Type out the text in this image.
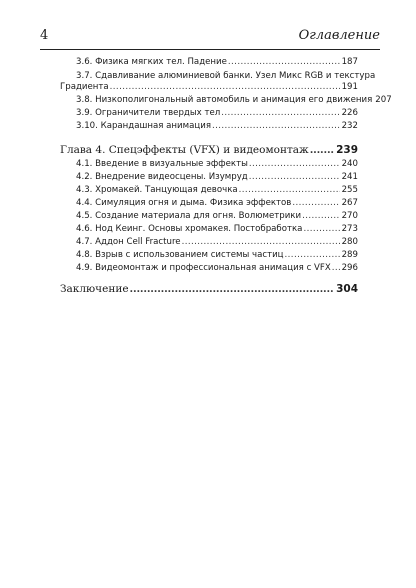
4	Оглавление
3.6. Физика мягких тел. Падение .....	187
3.7. Сдавливание алюминиевой банки. Узел Микс RGB и текстура
Градиента .....	191
3.8. Низкополигональный автомобиль и анимация его движения 207
3.9. Ограничители твердых тел .....	226
3.10. Карандашная анимация .....	232
Глава 4. Спецэффекты (VFX) и видеомонтаж .....	239
4.1. Введение в визуальные эффекты .....	240
4.2. Внедрение видеосцены. Изумруд .....	241
4.3. Хромакей. Танцующая девочка .....	255
4.4. Симуляция огня и дыма. Физика эффектов .....	267
4.5. Создание материала для огня. Волюметрики .....	270
4.6. Нод Кеинг. Основы хромакея. Постобработка .....	273
4.7. Аддон Cell Fracture .....	280
4.8. Взрыв с использованием системы частиц .....	289
4.9. Видеомонтаж и профессиональная анимация с VFX ..... 296
Заключение .....	304
